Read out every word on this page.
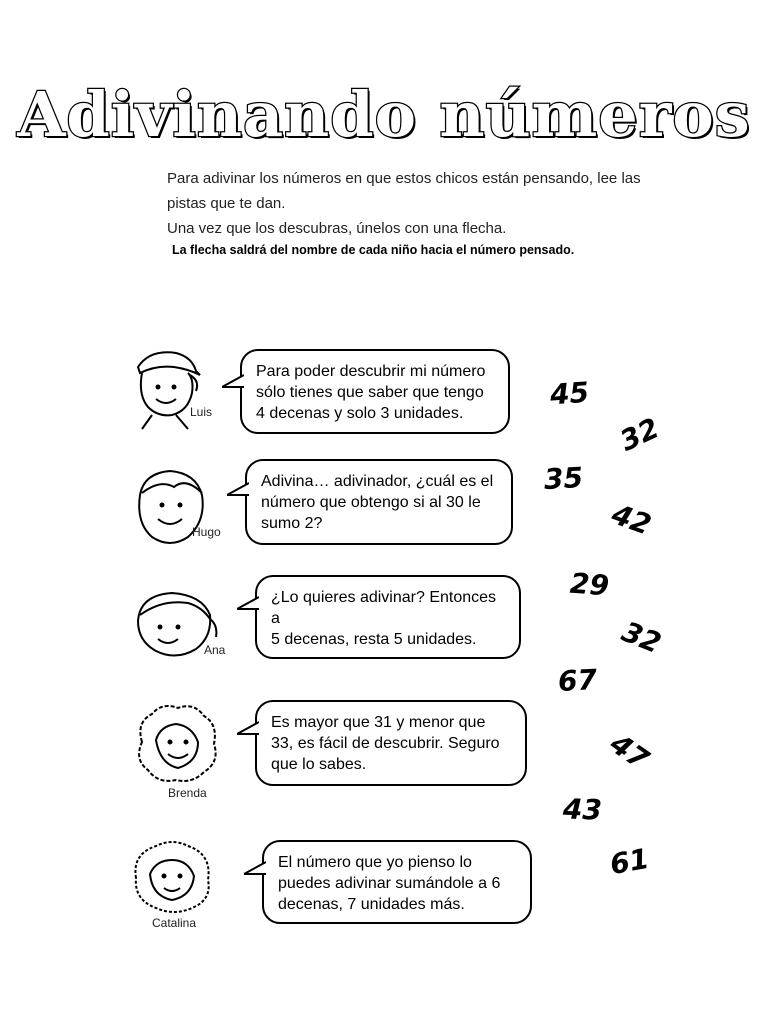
Adivinando números
Para adivinar los números en que estos chicos están pensando, lee las
pistas que te dan.
Una vez que los descubras, únelos con una flecha.
La flecha saldrá del nombre de cada niño hacia el número pensado.
Luis
Para poder descubrir mi número
sólo tienes que saber que tengo
4 decenas y solo 3 unidades.
Hugo
Adivina… adivinador, ¿cuál es el
número que obtengo si al 30 le
sumo 2?
Ana
¿Lo quieres adivinar? Entonces a
5 decenas, resta 5 unidades.
Brenda
Es mayor que 31 y menor que
33, es fácil de descubrir. Seguro
que lo sabes.
Catalina
El número que yo pienso lo
puedes adivinar sumándole a 6
decenas, 7 unidades más.
45
32
35
42
29
32
67
47
43
61
